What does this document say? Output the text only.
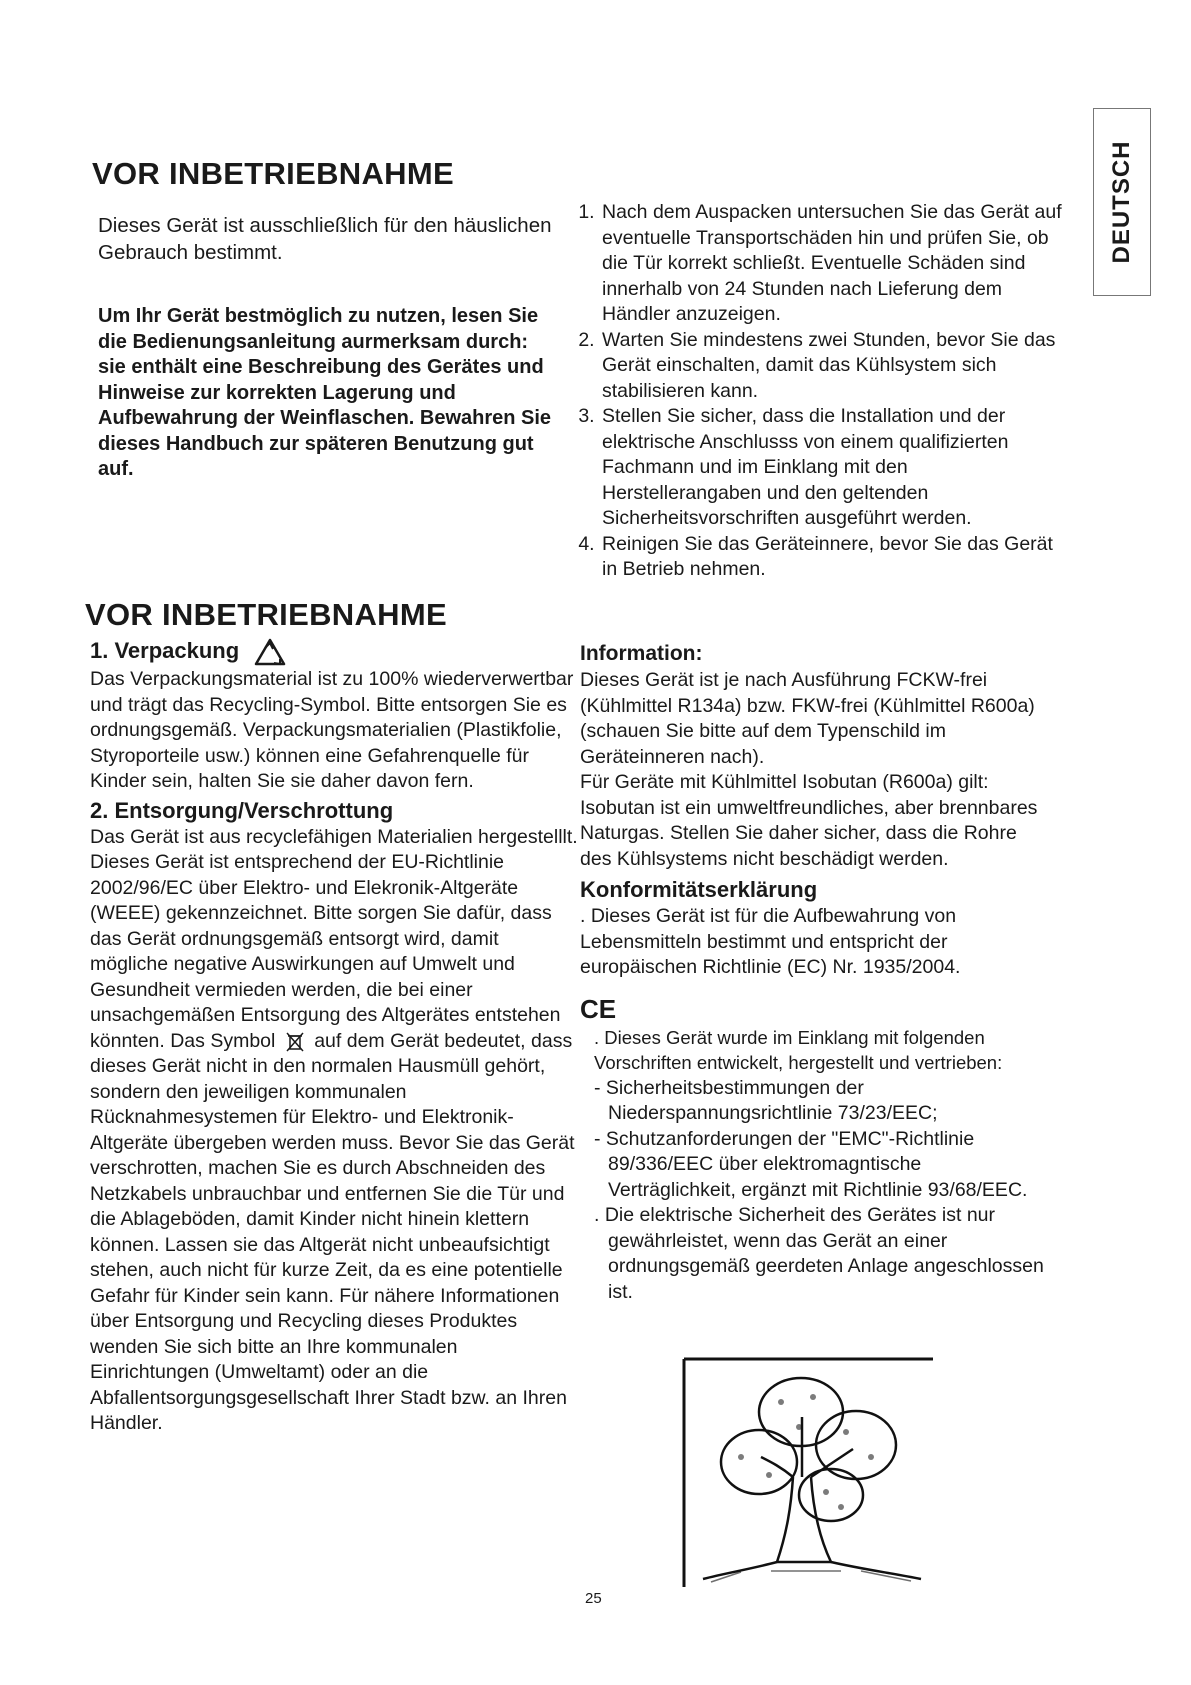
DEUTSCH
VOR INBETRIEBNAHME

Dieses Gerät ist ausschließlich für den häuslichen Gebrauch bestimmt.

Um Ihr Gerät bestmöglich zu nutzen, lesen Sie die Bedienungsanleitung aurmerksam durch: sie enthält eine Beschreibung des Gerätes und Hinweise zur korrekten Lagerung und Aufbewahrung der Weinflaschen. Bewahren Sie dieses Handbuch zur späteren Benutzung gut auf.

1. Nach dem Auspacken untersuchen Sie das Gerät auf eventuelle Transportschäden hin und prüfen Sie, ob die Tür korrekt schließt. Eventuelle Schäden sind innerhalb von 24 Stunden nach Lieferung dem Händler anzuzeigen.
2. Warten Sie mindestens zwei Stunden, bevor Sie das Gerät einschalten, damit das Kühlsystem sich stabilisieren kann.
3. Stellen Sie sicher, dass die Installation und der elektrische Anschlusss von einem qualifizierten Fachmann und im Einklang mit den Herstellerangaben und den geltenden Sicherheitsvorschriften ausgeführt werden.
4. Reinigen Sie das Geräteinnere, bevor Sie das Gerät in Betrieb nehmen.
VOR INBETRIEBNAHME
1. Verpackung

Das Verpackungsmaterial ist zu 100% wiederverwertbar und trägt das Recycling-Symbol. Bitte entsorgen Sie es ordnungsgemäß. Verpackungsmaterialien (Plastikfolie, Styroporteile usw.) können eine Gefahrenquelle für Kinder sein, halten Sie sie daher davon fern.

2. Entsorgung/Verschrottung

Das Gerät ist aus recyclefähigen Materialien hergestelllt.

Dieses Gerät ist entsprechend der EU-Richtlinie 2002/96/EC über Elektro- und Elekronik-Altgeräte (WEEE) gekennzeichnet. Bitte sorgen Sie dafür, dass das Gerät ordnungsgemäß entsorgt wird, damit mögliche negative Auswirkungen auf Umwelt und Gesundheit vermieden werden, die bei einer unsachgemäßen Entsorgung des Altgerätes entstehen könnten. Das Symbol auf dem Gerät bedeutet, dass dieses Gerät nicht in den normalen Hausmüll gehört, sondern den jeweiligen kommunalen Rücknahmesystemen für Elektro- und Elektronik-Altgeräte übergeben werden muss. Bevor Sie das Gerät verschrotten, machen Sie es durch Abschneiden des Netzkabels unbrauchbar und entfernen Sie die Tür und die Ablageböden, damit Kinder nicht hinein klettern können. Lassen sie das Altgerät nicht unbeaufsichtigt stehen, auch nicht für kurze Zeit, da es eine potentielle Gefahr für Kinder sein kann. Für nähere Informationen über Entsorgung und Recycling dieses Produktes wenden Sie sich bitte an Ihre kommunalen Einrichtungen (Umweltamt) oder an die Abfallentsorgungsgesellschaft Ihrer Stadt bzw. an Ihren Händler.

Information:

Dieses Gerät ist je nach Ausführung FCKW-frei (Kühlmittel R134a) bzw. FKW-frei (Kühlmittel R600a) (schauen Sie bitte auf dem Typenschild im Geräteinneren nach).

Für Geräte mit Kühlmittel Isobutan (R600a) gilt: Isobutan ist ein umweltfreundliches, aber brennbares Naturgas. Stellen Sie daher sicher, dass die Rohre des Kühlsystems nicht beschädigt werden.

Konformitätserklärung

. Dieses Gerät ist für die Aufbewahrung von Lebensmitteln bestimmt und entspricht der europäischen Richtlinie (EC) Nr. 1935/2004.

CE

. Dieses Gerät wurde im Einklang mit folgenden Vorschriften entwickelt, hergestellt und vertrieben:

- Sicherheitsbestimmungen der Niederspannungsrichtlinie 73/23/EEC;
- Schutzanforderungen der "EMC"-Richtlinie 89/336/EEC über elektromagntische Verträglichkeit, ergänzt mit Richtlinie 93/68/EEC.
. Die elektrische Sicherheit des Gerätes ist nur gewährleistet, wenn das Gerät an einer ordnungsgemäß geerdeten Anlage angeschlossen ist.
25
